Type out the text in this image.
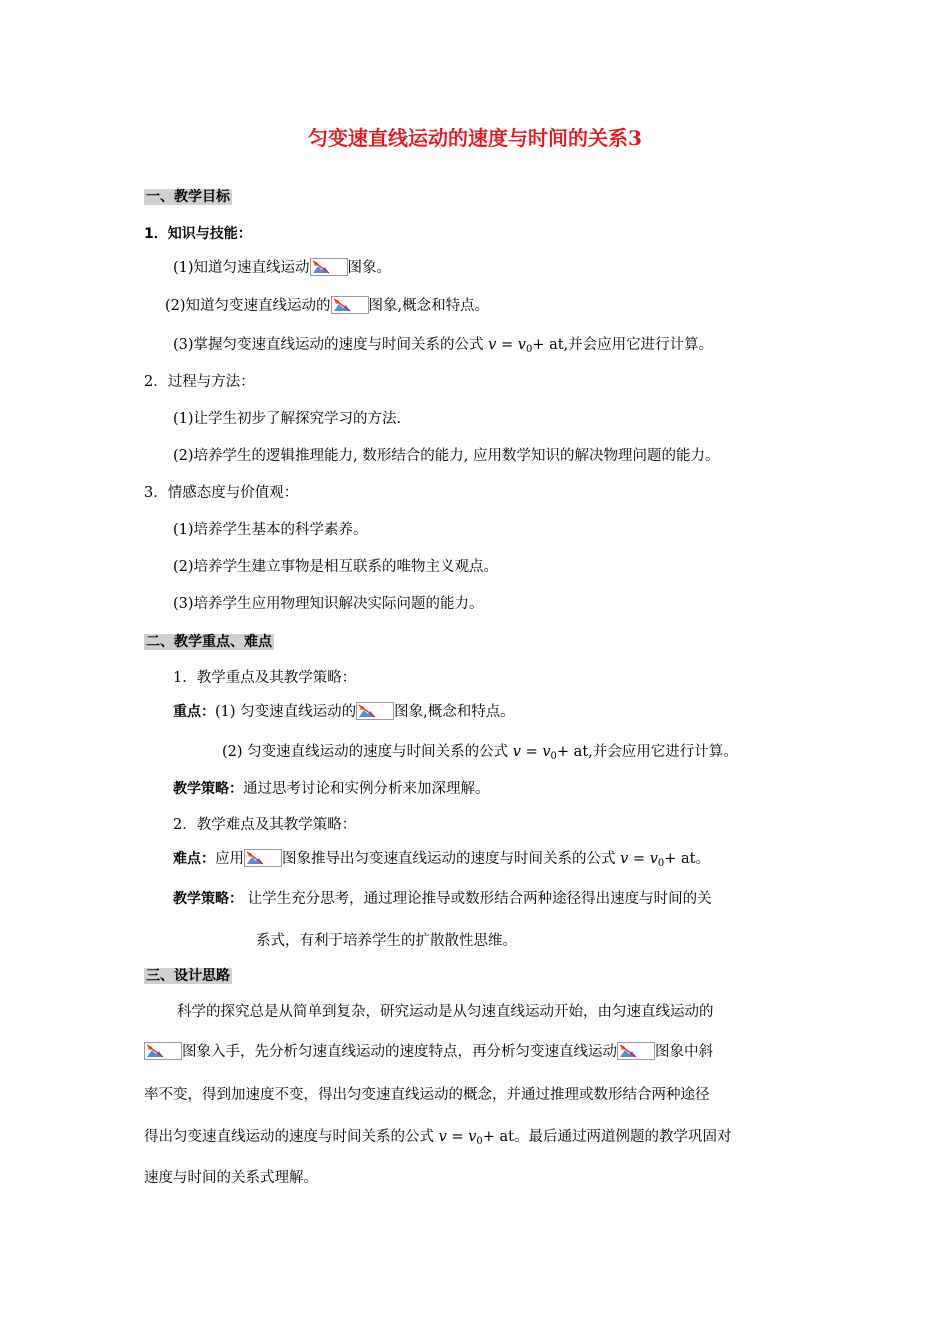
匀变速直线运动的速度与时间的关系3
一、教学目标
1．知识与技能：
(1)知道匀速直线运动	图象。
(2)知道匀变速直线运动的	图象,概念和特点。
(3)掌握匀变速直线运动的速度与时间关系的公式 $v = v_0+$ at,并会应用它进行计算。
2．过程与方法：
(1)让学生初步了解探究学习的方法.
(2)培养学生的逻辑推理能力, 数形结合的能力, 应用数学知识的解决物理问题的能力。
3．情感态度与价值观：
(1)培养学生基本的科学素养。
(2)培养学生建立事物是相互联系的唯物主义观点。
(3)培养学生应用物理知识解决实际问题的能力。
二、教学重点、难点
1．教学重点及其教学策略：
重点：(1) 匀变速直线运动的	图象,概念和特点。
(2) 匀变速直线运动的速度与时间关系的公式 $v = v_0+$ at,并会应用它进行计算。
教学策略：通过思考讨论和实例分析来加深理解。
2．教学难点及其教学策略：
难点：应用	图象推导出匀变速直线运动的速度与时间关系的公式 $v = v_0+$ at。
教学策略： 让学生充分思考，通过理论推导或数形结合两种途径得出速度与时间的关
系式，有利于培养学生的扩散散性思维。
三、设计思路
科学的探究总是从简单到复杂，研究运动是从匀速直线运动开始，由匀速直线运动的
图象入手，先分析匀速直线运动的速度特点，再分析匀变速直线运动	图象中斜
率不变，得到加速度不变，得出匀变速直线运动的概念，并通过推理或数形结合两种途径
得出匀变速直线运动的速度与时间关系的公式 $v = v_0+$ at。最后通过两道例题的教学巩固对
速度与时间的关系式理解。
